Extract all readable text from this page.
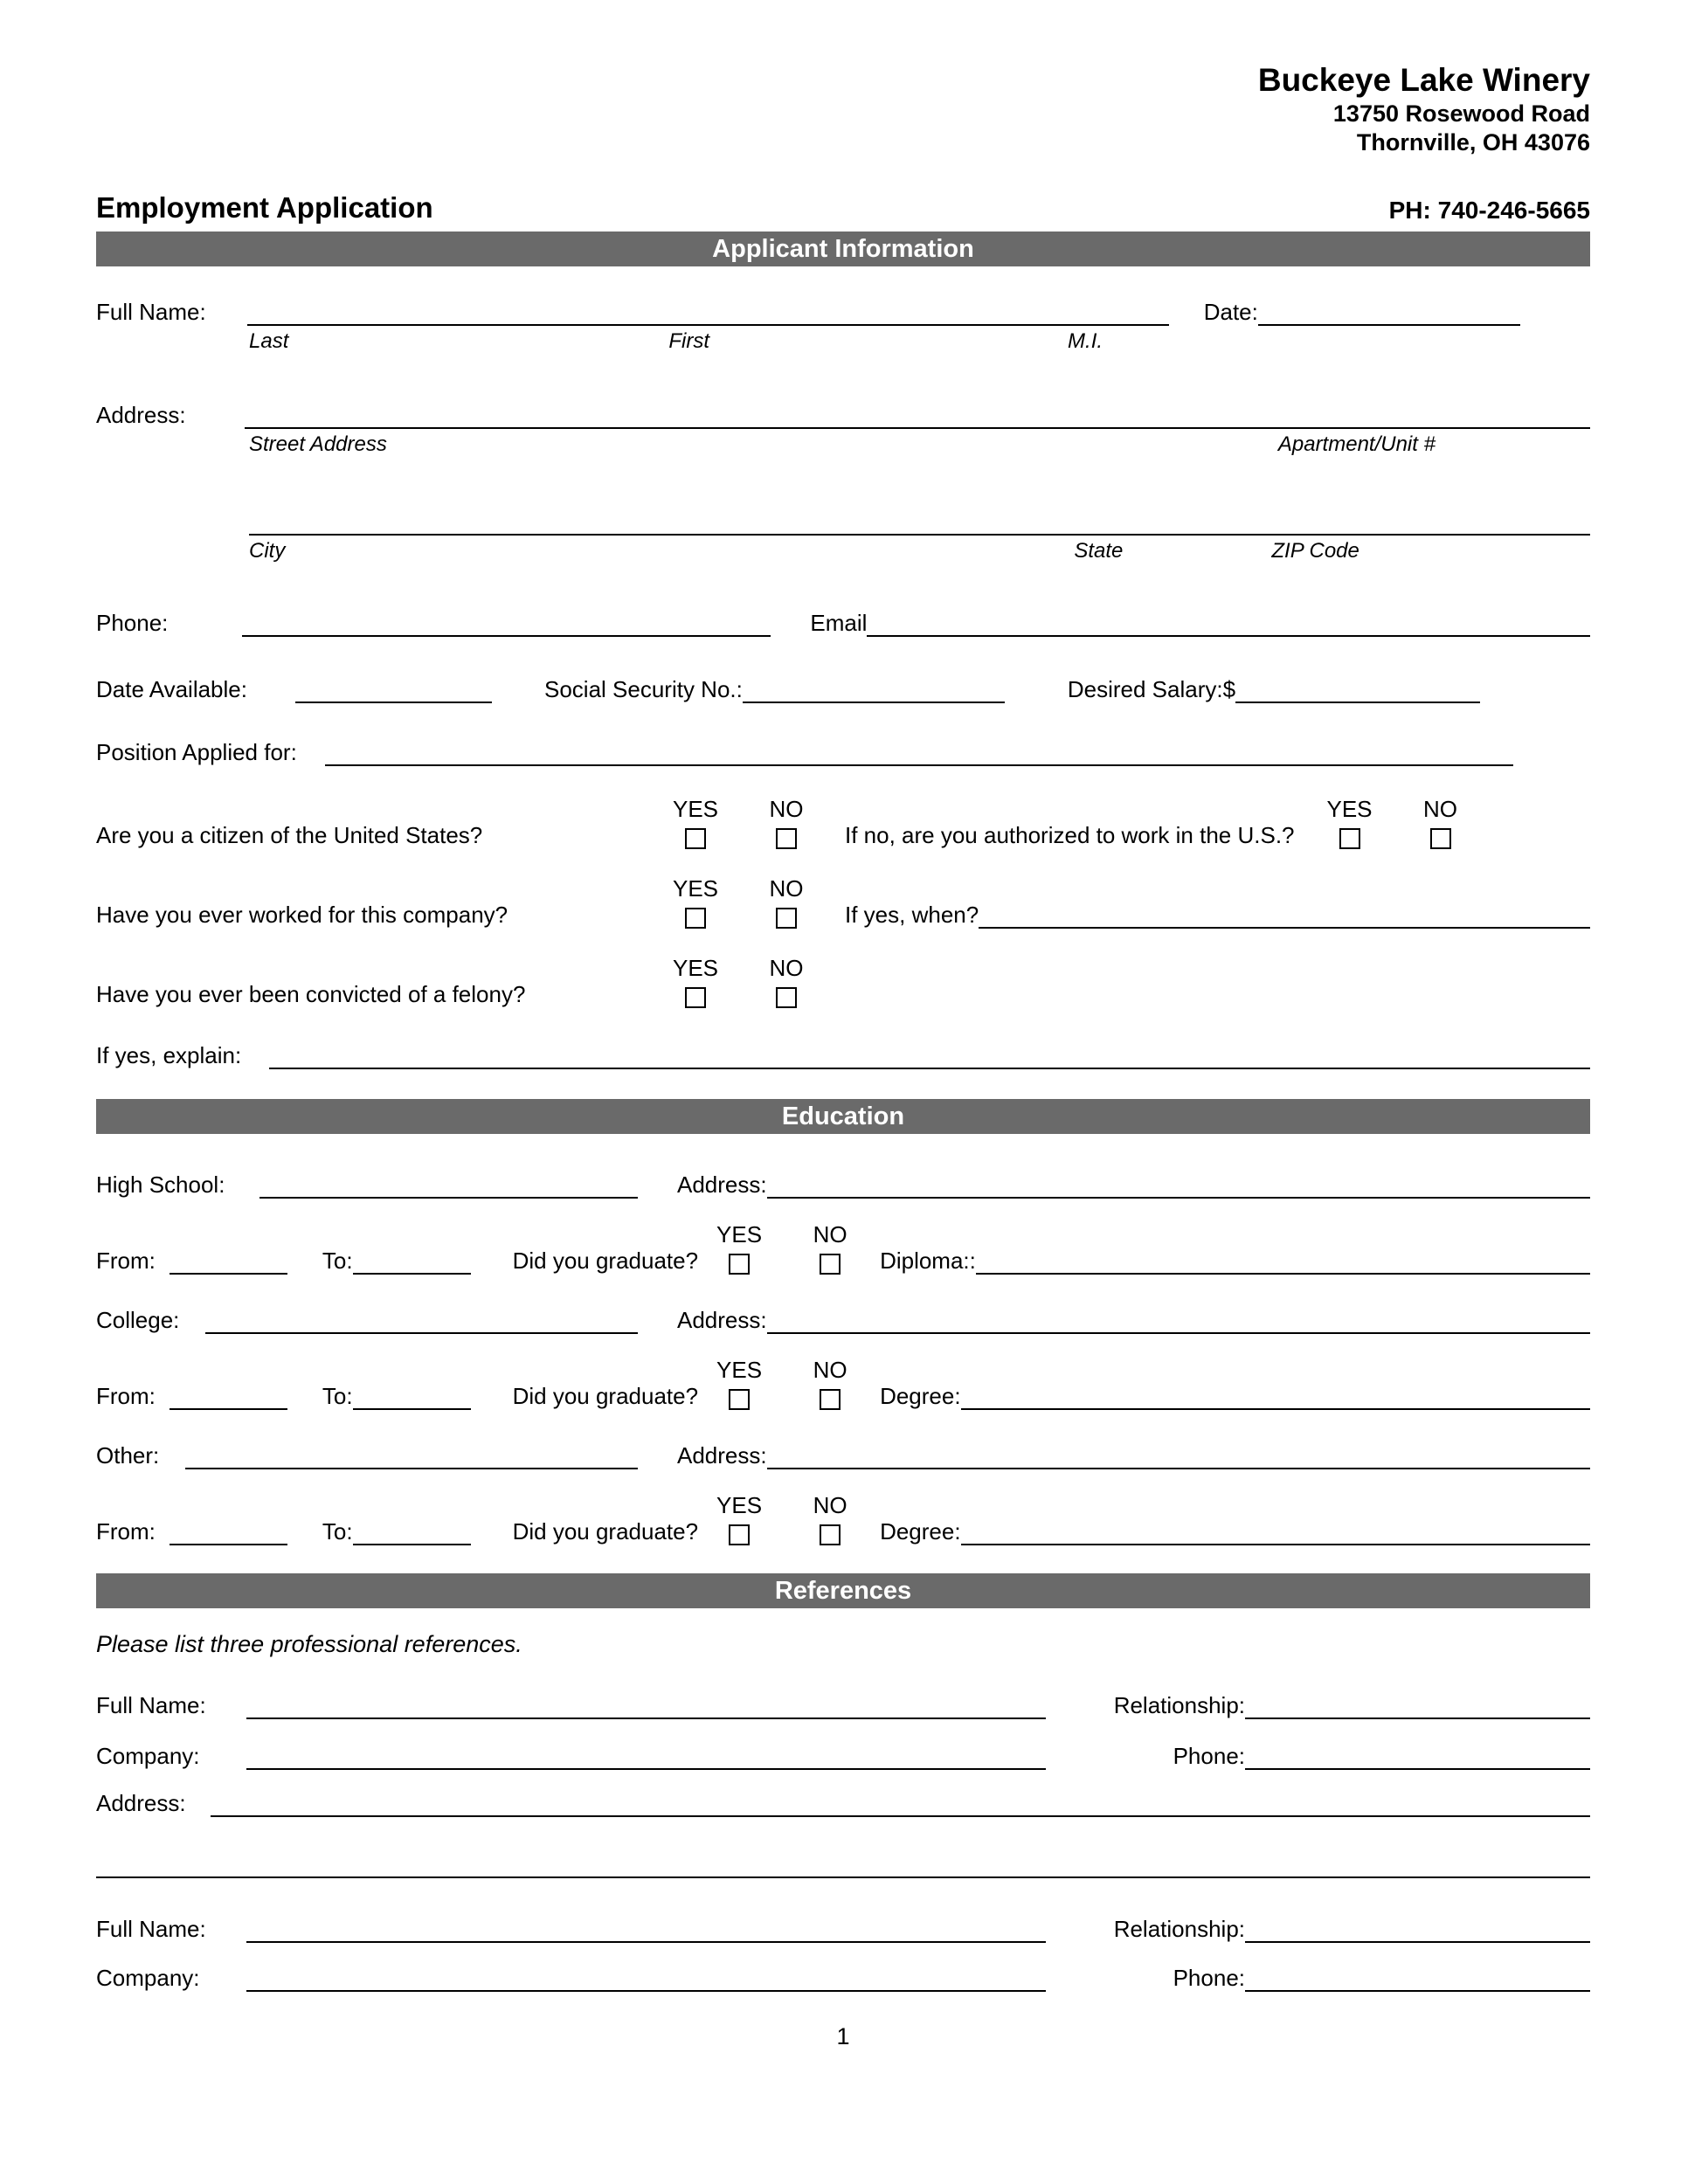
Buckeye Lake Winery
13750 Rosewood Road
Thornville, OH 43076
Employment Application	PH: 740-246-5665
Applicant Information
Full Name:	Date:
Last	First	M.I.
Address:
Street Address	Apartment/Unit #
City	State	ZIP Code
Phone:	Email
Date Available:	Social Security No.:	Desired Salary:$
Position Applied for:
Are you a citizen of the United States?
YES NO
If no, are you authorized to work in the U.S.?
YES NO
Have you ever worked for this company?
YES NO
If yes, when?
Have you ever been convicted of a felony?
YES NO
If yes, explain:
Education
High School:	Address:
From:	To:	Did you graduate?
YES NO
Diploma::
College:	Address:
From:	To:	Did you graduate?
YES NO
Degree:
Other:	Address:
From:	To:	Did you graduate?
YES NO
Degree:
References
Please list three professional references.
Full Name:	Relationship:
Company:	Phone:
Address:
Full Name:	Relationship:
Company:	Phone:
1
